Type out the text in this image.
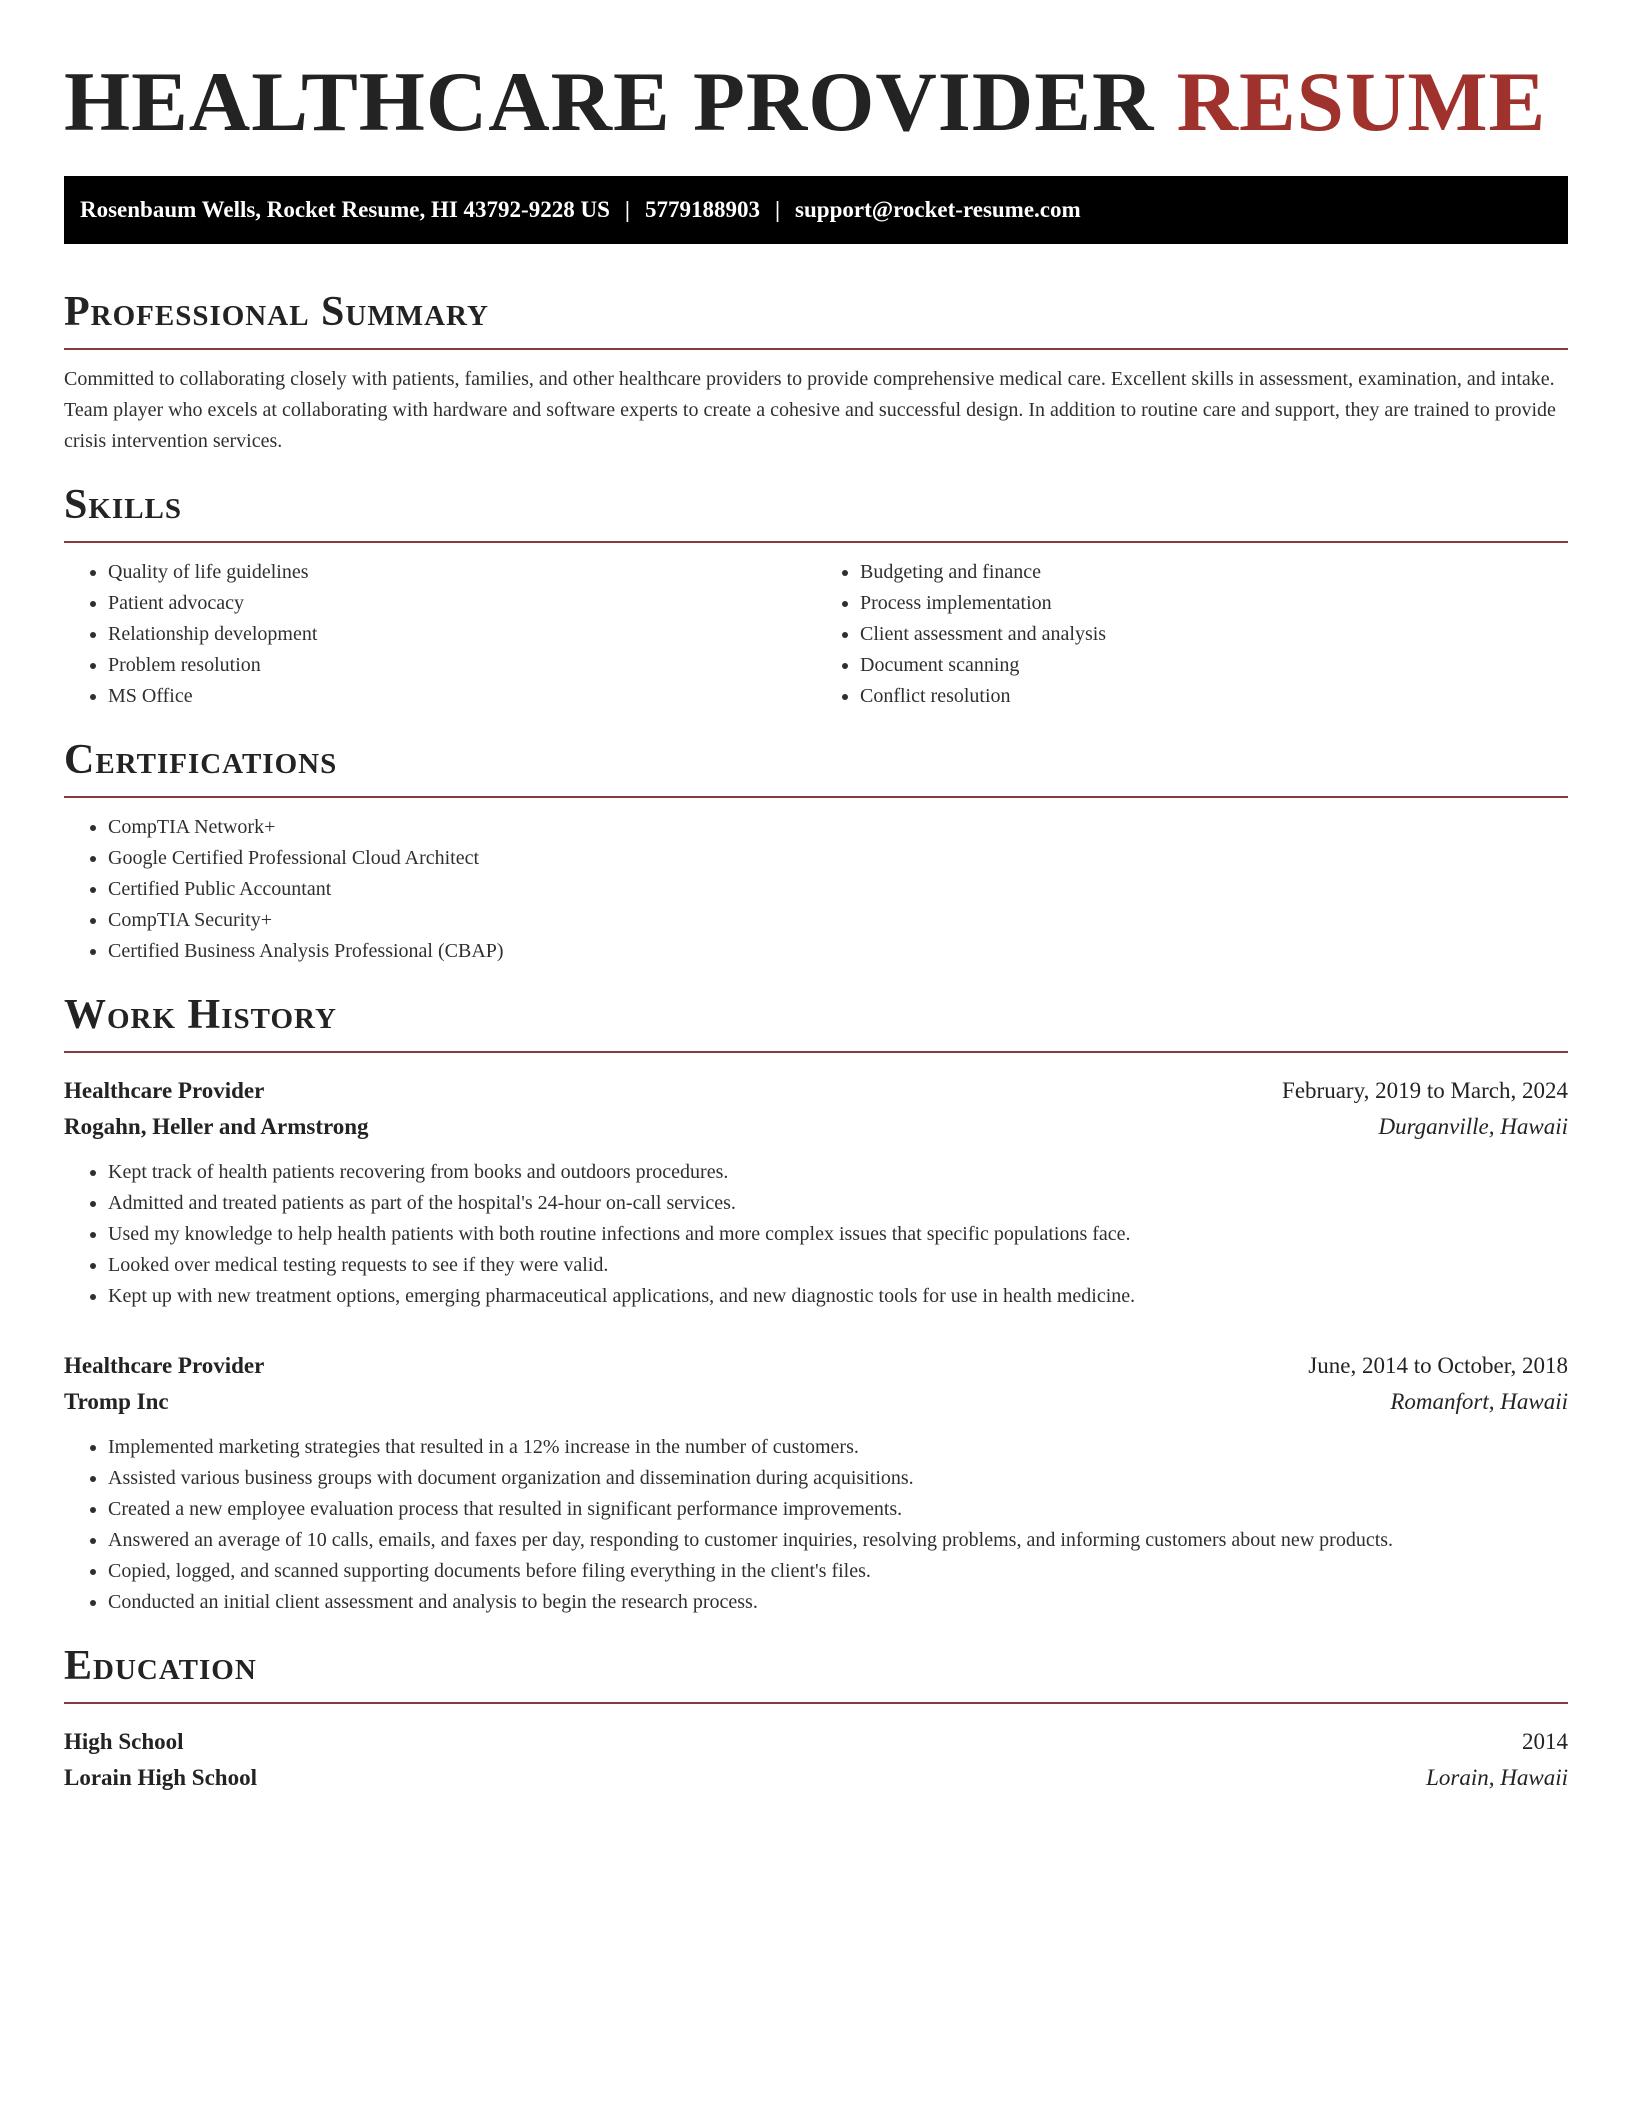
HEALTHCARE PROVIDER RESUME
Rosenbaum Wells, Rocket Resume, HI 43792-9228 US | 5779188903 | support@rocket-resume.com
Professional Summary

Committed to collaborating closely with patients, families, and other healthcare providers to provide comprehensive medical care. Excellent skills in assessment, examination, and intake. Team player who excels at collaborating with hardware and software experts to create a cohesive and successful design. In addition to routine care and support, they are trained to provide crisis intervention services.

Skills
• Quality of life guidelines
• Patient advocacy
• Relationship development
• Problem resolution
• MS Office
• Budgeting and finance
• Process implementation
• Client assessment and analysis
• Document scanning
• Conflict resolution
Certifications
• CompTIA Network+
• Google Certified Professional Cloud Architect
• Certified Public Accountant
• CompTIA Security+
• Certified Business Analysis Professional (CBAP)
Work History
Healthcare Provider	February, 2019 to March, 2024
Rogahn, Heller and Armstrong	Durganville, Hawaii
• Kept track of health patients recovering from books and outdoors procedures.
• Admitted and treated patients as part of the hospital's 24-hour on-call services.
• Used my knowledge to help health patients with both routine infections and more complex issues that specific populations face.
• Looked over medical testing requests to see if they were valid.
• Kept up with new treatment options, emerging pharmaceutical applications, and new diagnostic tools for use in health medicine.
Healthcare Provider	June, 2014 to October, 2018
Tromp Inc	Romanfort, Hawaii
• Implemented marketing strategies that resulted in a 12% increase in the number of customers.
• Assisted various business groups with document organization and dissemination during acquisitions.
• Created a new employee evaluation process that resulted in significant performance improvements.
• Answered an average of 10 calls, emails, and faxes per day, responding to customer inquiries, resolving problems, and informing customers about new products.
• Copied, logged, and scanned supporting documents before filing everything in the client's files.
• Conducted an initial client assessment and analysis to begin the research process.
Education
High School	2014
Lorain High School	Lorain, Hawaii
